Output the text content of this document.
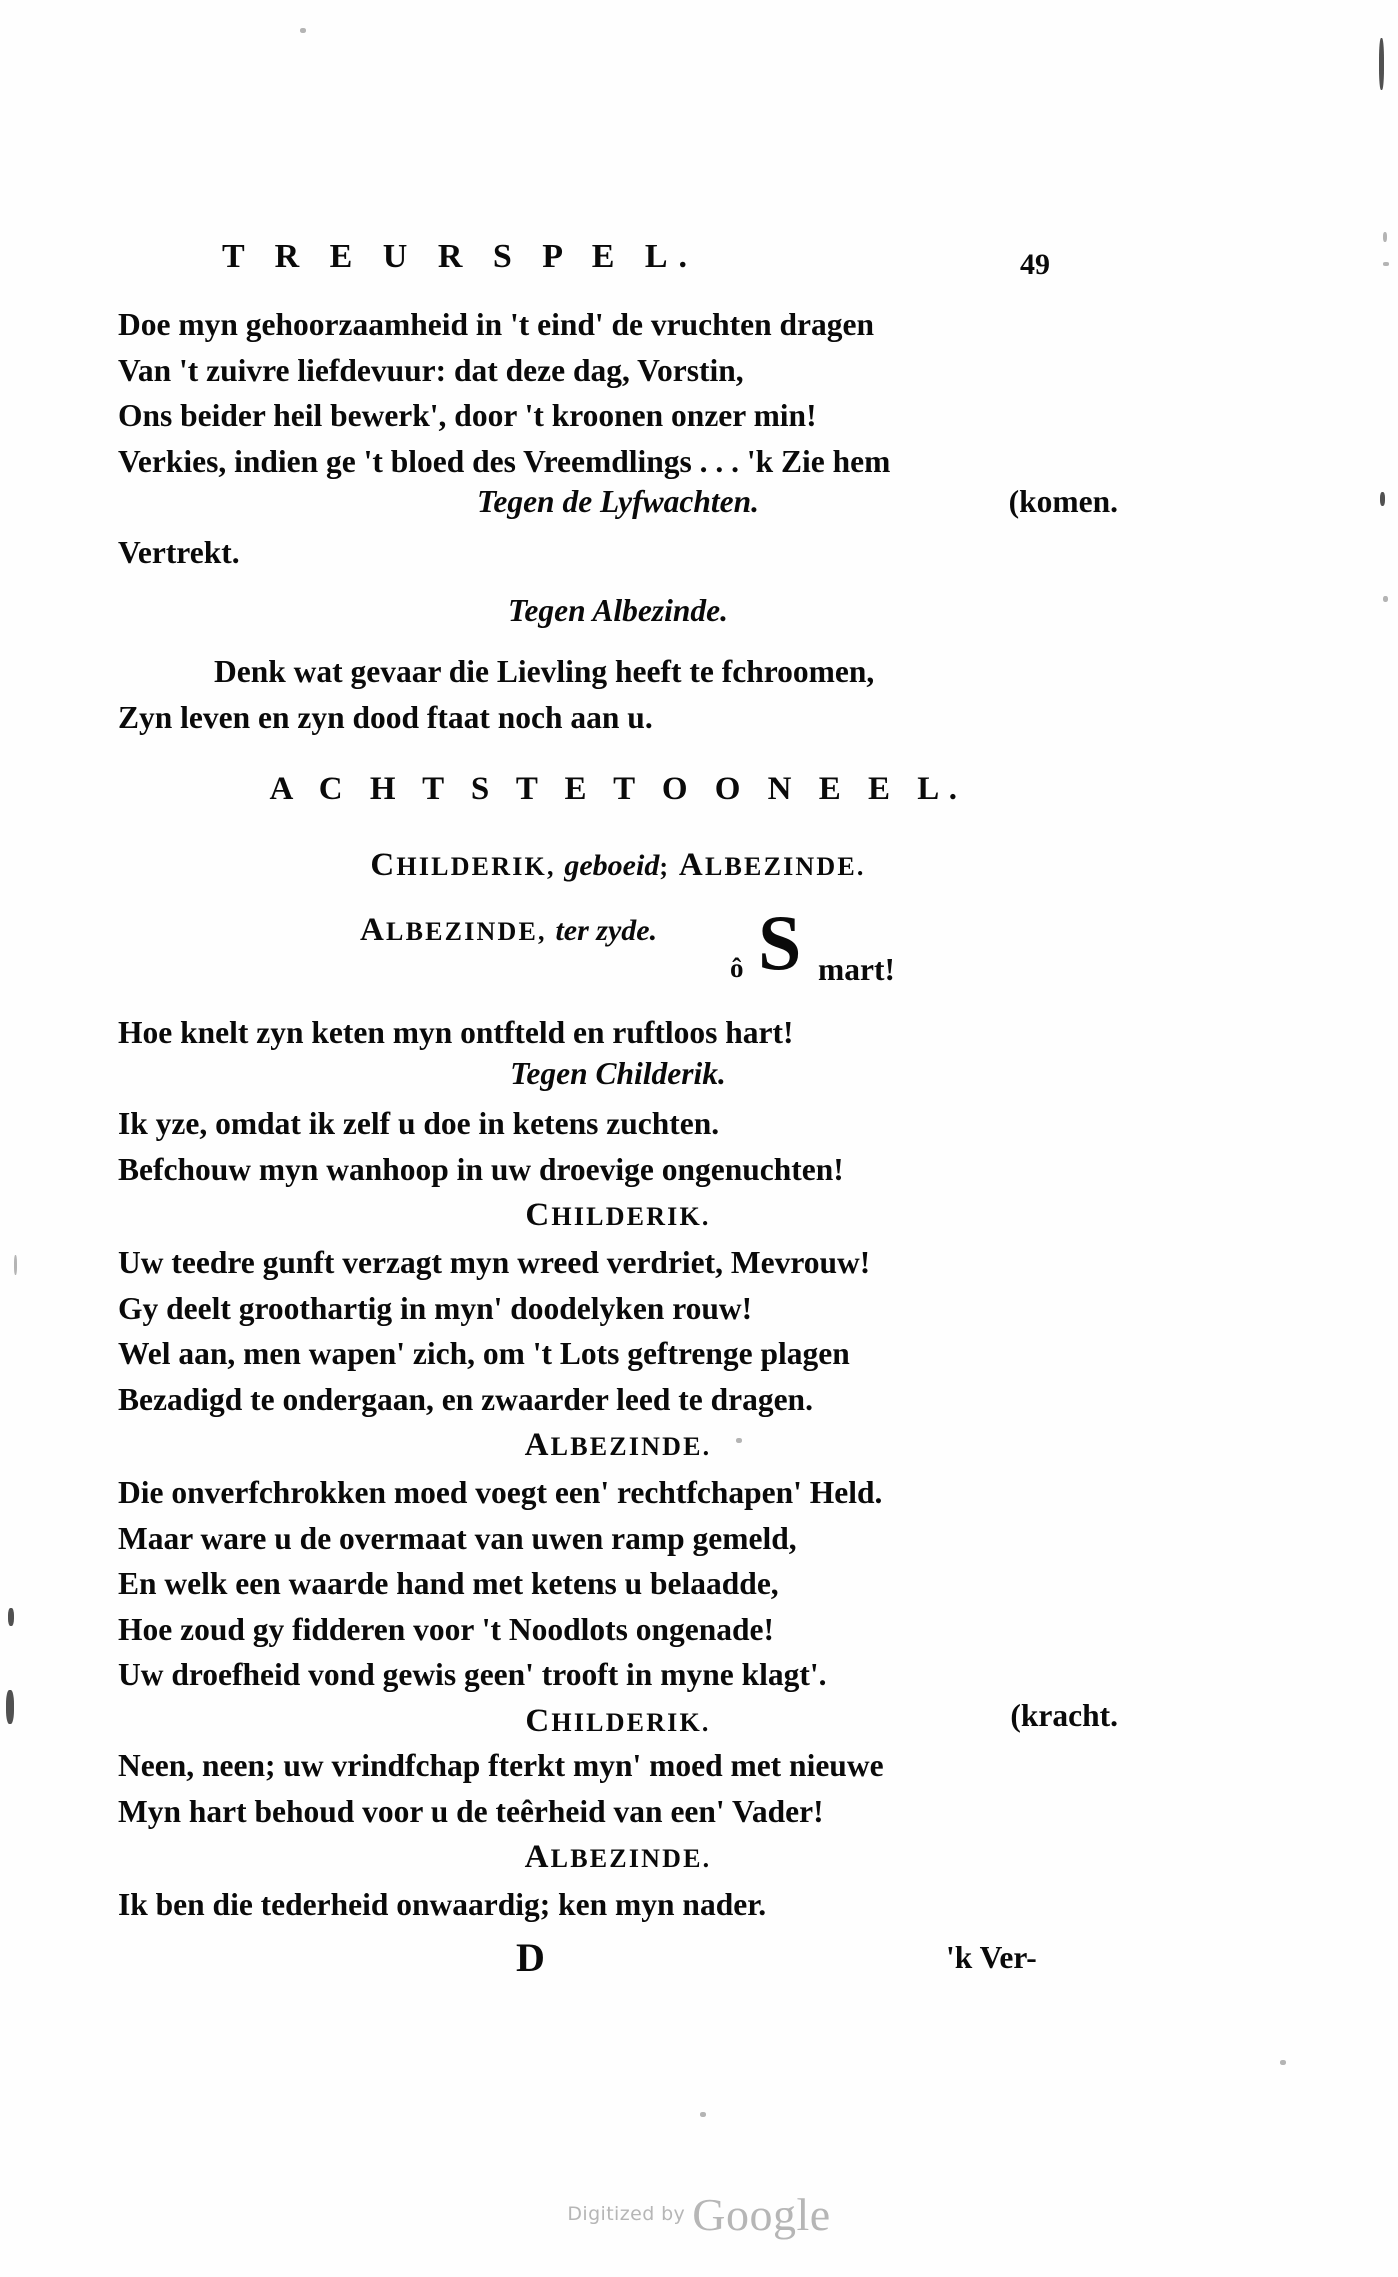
T R E U R S P E L.	49
Doe myn gehoorzaamheid in 't eind' de vruchten dragen
Van 't zuivre liefdevuur: dat deze dag, Vorstin,
Ons beider heil bewerk', door 't kroonen onzer min!
Verkies, indien ge 't bloed des Vreemdlings . . . 'k Zie hem
Tegen de Lyfwachten.	(komen.
Vertrekt.
Tegen Albezinde.
Denk wat gevaar die Lievling heeft te fchroomen,
Zyn leven en zyn dood ftaat noch aan u.
A C H T S T E T O O N E E L.
CHILDERIK, geboeid; ALBEZINDE.
ALBEZINDE, ter zyde.
ô S mart!
Hoe knelt zyn keten myn ontfteld en ruftloos hart!
Tegen Childerik.
Ik yze, omdat ik zelf u doe in ketens zuchten.
Befchouw myn wanhoop in uw droevige ongenuchten!
CHILDERIK.
Uw teedre gunft verzagt myn wreed verdriet, Mevrouw!
Gy deelt groothartig in myn' doodelyken rouw!
Wel aan, men wapen' zich, om 't Lots geftrenge plagen
Bezadigd te ondergaan, en zwaarder leed te dragen.
ALBEZINDE.
Die onverfchrokken moed voegt een' rechtfchapen' Held.
Maar ware u de overmaat van uwen ramp gemeld,
En welk een waarde hand met ketens u belaadde,
Hoe zoud gy fidderen voor 't Noodlots ongenade!
Uw droefheid vond gewis geen' trooft in myne klagt'.
CHILDERIK.	(kracht.
Neen, neen; uw vrindfchap fterkt myn' moed met nieuwe
Myn hart behoud voor u de teêrheid van een' Vader!
ALBEZINDE.
Ik ben die tederheid onwaardig; ken myn nader.
D	'k Ver-
Digitized by Google
